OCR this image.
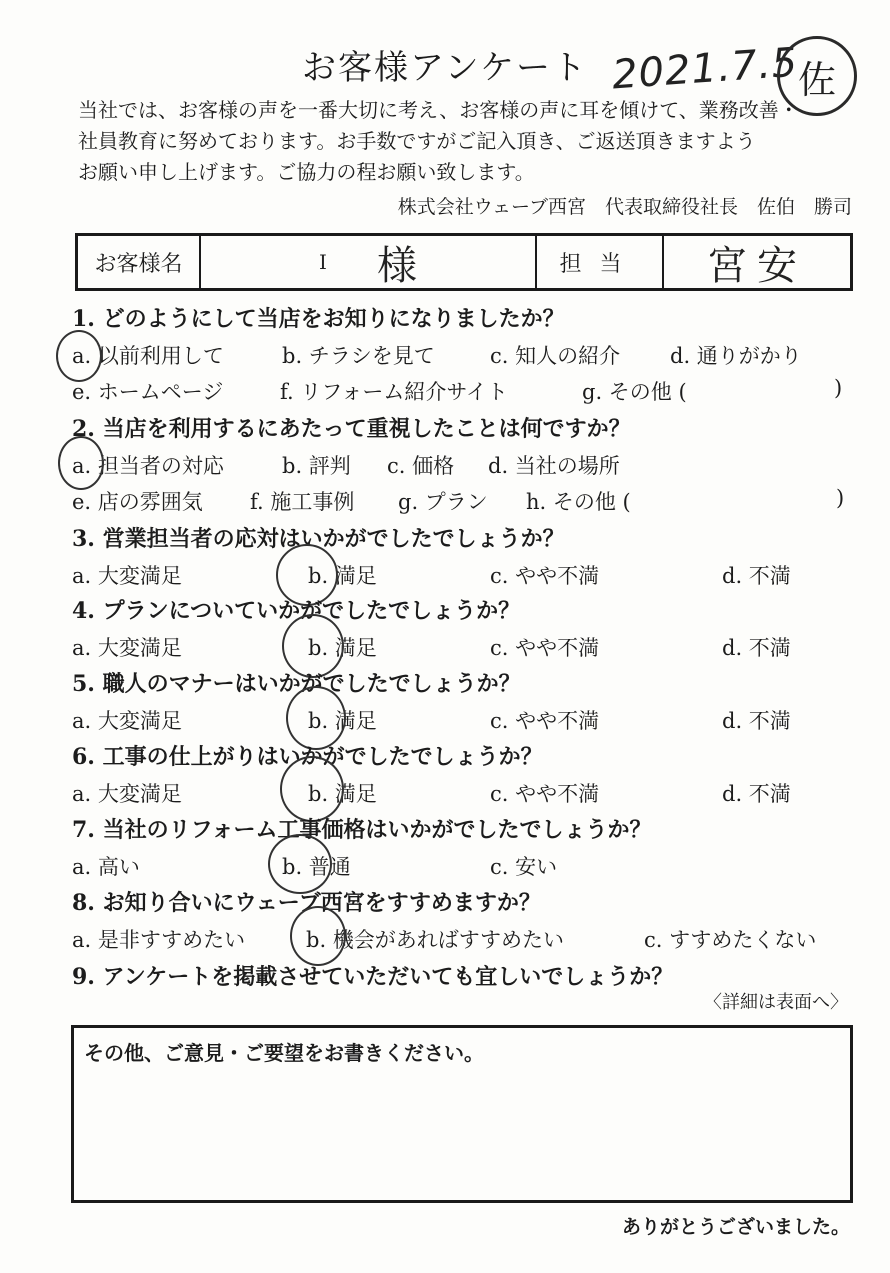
お客様アンケート 2021.7.5
佐
当社では、お客様の声を一番大切に考え、お客様の声に耳を傾けて、業務改善・
社員教育に努めております。お手数ですがご記入頂き、ご返送頂きますよう
お願い申し上げます。ご協力の程お願い致します。
株式会社ウェーブ西宮　代表取締役社長　佐伯　勝司
お客様名	I 様	担当	宮安
1. どのようにして当店をお知りになりましたか？
a. 以前利用して	b. チラシを見て	c. 知人の紹介 d. 通りがかり
e. ホームページ	f. リフォーム紹介サイト	g. その他 (	)
2. 当店を利用するにあたって重視したことは何ですか？
a. 担当者の対応	b. 評判 c. 価格 d. 当社の場所
e. 店の雰囲気 f. 施工事例 g. プラン h. その他 (	)
3. 営業担当者の応対はいかがでしたでしょうか？
a. 大変満足	b. 満足	c. やや不満	d. 不満
4. プランについていかがでしたでしょうか？
a. 大変満足	b. 満足	c. やや不満	d. 不満
5. 職人のマナーはいかがでしたでしょうか？
a. 大変満足	b. 満足	c. やや不満	d. 不満
6. 工事の仕上がりはいかがでしたでしょうか？
a. 大変満足	b. 満足	c. やや不満	d. 不満
7. 当社のリフォーム工事価格はいかがでしたでしょうか？
a. 高い	b. 普通	c. 安い
8. お知り合いにウェーブ西宮をすすめますか？
a. 是非すすめたい	b. 機会があればすすめたい	c. すすめたくない
9. アンケートを掲載させていただいても宜しいでしょうか？
〈詳細は表面へ〉
その他、ご意見・ご要望をお書きください。
ありがとうございました。
